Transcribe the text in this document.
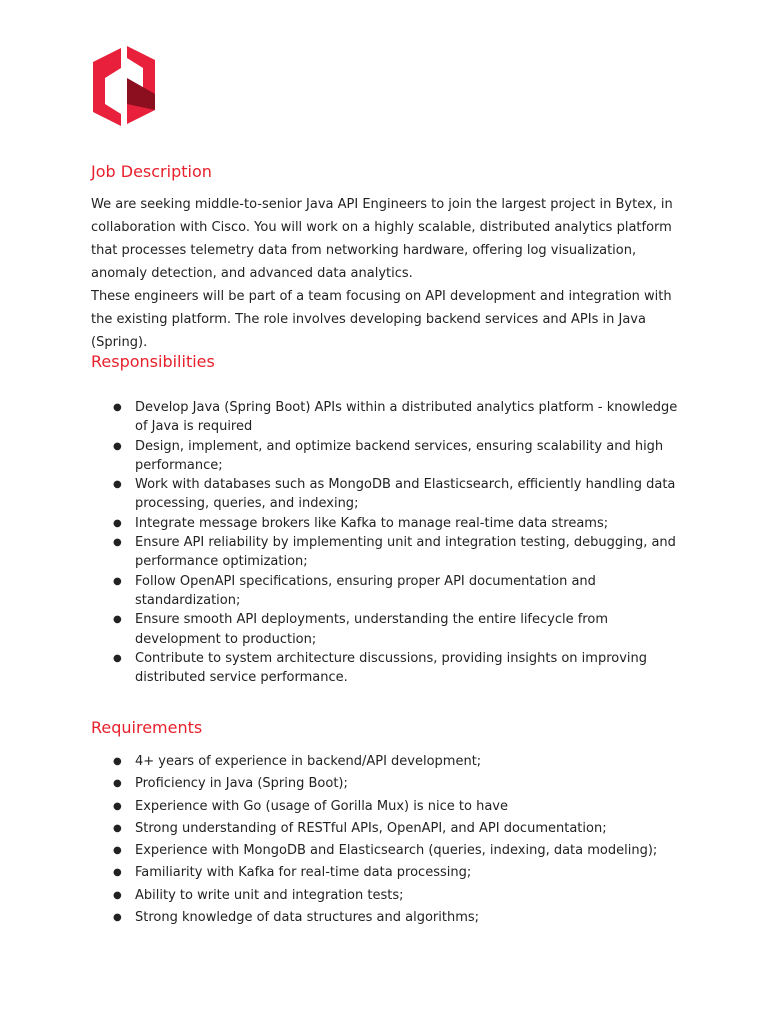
Job Description

We are seeking middle-to-senior Java API Engineers to join the largest project in Bytex, in collaboration with Cisco. You will work on a highly scalable, distributed analytics platform that processes telemetry data from networking hardware, offering log visualization, anomaly detection, and advanced data analytics.

These engineers will be part of a team focusing on API development and integration with the existing platform. The role involves developing backend services and APIs in Java (Spring).

Responsibilities
● Develop Java (Spring Boot) APIs within a distributed analytics platform - knowledge of Java is required
● Design, implement, and optimize backend services, ensuring scalability and high performance;
● Work with databases such as MongoDB and Elasticsearch, efficiently handling data processing, queries, and indexing;
● Integrate message brokers like Kafka to manage real-time data streams;
● Ensure API reliability by implementing unit and integration testing, debugging, and performance optimization;
● Follow OpenAPI specifications, ensuring proper API documentation and standardization;
● Ensure smooth API deployments, understanding the entire lifecycle from development to production;
● Contribute to system architecture discussions, providing insights on improving distributed service performance.
Requirements
● 4+ years of experience in backend/API development;
● Proficiency in Java (Spring Boot);
● Experience with Go (usage of Gorilla Mux) is nice to have
● Strong understanding of RESTful APIs, OpenAPI, and API documentation;
● Experience with MongoDB and Elasticsearch (queries, indexing, data modeling);
● Familiarity with Kafka for real-time data processing;
● Ability to write unit and integration tests;
● Strong knowledge of data structures and algorithms;
